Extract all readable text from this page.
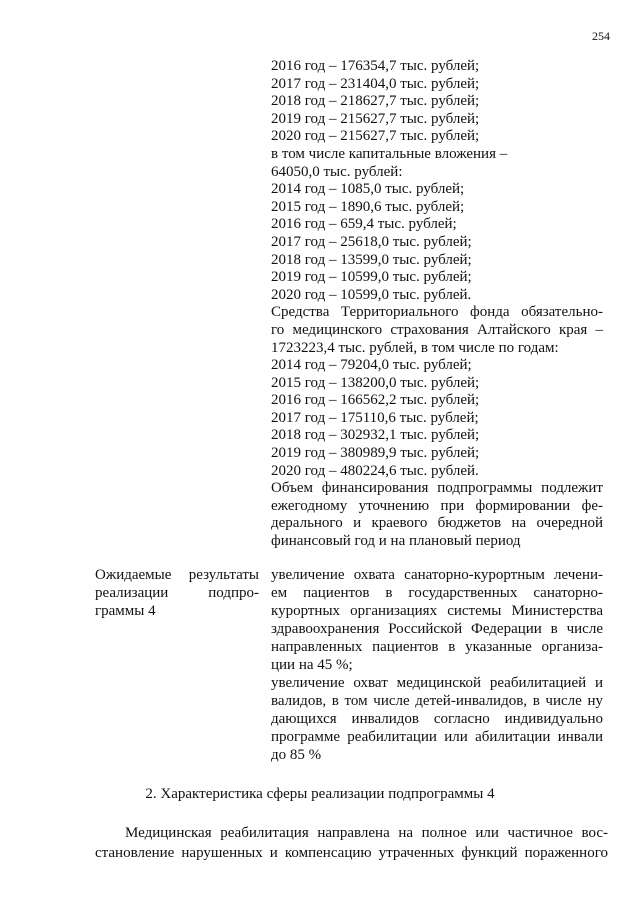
254
2016 год – 176354,7 тыс. рублей;
2017 год – 231404,0 тыс. рублей;
2018 год – 218627,7 тыс. рублей;
2019 год – 215627,7 тыс. рублей;
2020 год – 215627,7 тыс. рублей;
в том числе капитальные вложения –
64050,0 тыс. рублей:
2014 год – 1085,0 тыс. рублей;
2015 год – 1890,6 тыс. рублей;
2016 год – 659,4 тыс. рублей;
2017 год – 25618,0 тыс. рублей;
2018 год – 13599,0 тыс. рублей;
2019 год – 10599,0 тыс. рублей;
2020 год – 10599,0 тыс. рублей.
Средства Территориального фонда обязательно-
го медицинского страхования Алтайского края –
1723223,4 тыс. рублей, в том числе по годам:
2014 год – 79204,0 тыс. рублей;
2015 год – 138200,0 тыс. рублей;
2016 год – 166562,2 тыс. рублей;
2017 год – 175110,6 тыс. рублей;
2018 год – 302932,1 тыс. рублей;
2019 год – 380989,9 тыс. рублей;
2020 год – 480224,6 тыс. рублей.
Объем финансирования подпрограммы подлежит
ежегодному уточнению при формировании фе-
дерального и краевого бюджетов на очередной
финансовый год и на плановый период
Ожидаемые результаты
реализации подпро-
граммы 4
увеличение охвата санаторно-курортным лечени-
ем пациентов в государственных санаторно-
курортных организациях системы Министерства
здравоохранения Российской Федерации в числе
направленных пациентов в указанные организа-
ции на 45 %;
увеличение охват медицинской реабилитацией и
валидов, в том числе детей-инвалидов, в числе ну
дающихся инвалидов согласно индивидуально
программе реабилитации или абилитации инвали
до 85 %
2. Характеристика сферы реализации подпрограммы 4
Медицинская реабилитация направлена на полное или частичное вос-
становление нарушенных и компенсацию утраченных функций пораженного
